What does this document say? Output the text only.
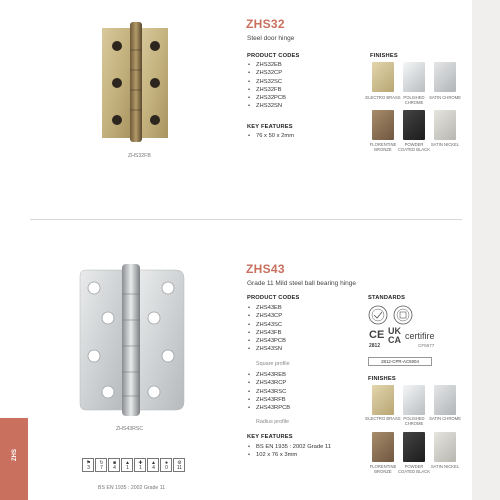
ZHS
ZHS32FB
ZHS32
Steel door hinge
PRODUCT CODES
• ZHS32EB
• ZHS32CP
• ZHS32SC
• ZHS32FB
• ZHS32PCB
• ZHS32SN
KEY FEATURES
• 76 x 50 x 2mm
FINISHES
ELECTRO BRASS POLISHED CHROME
SATIN CHROME
FLORENTINE BRONZE
POWDER COATED BLACK
SATIN NICKEL
ZHS43RSC
⚑
3
↻
7
■
4
▲
1
✚
1
▲
4
●
0
⚙
11
BS EN 1935 : 2002 Grade 11
ZHS43
Grade 11 Mild steel ball bearing hinge
PRODUCT CODES
• ZHS43EB
• ZHS43CP
• ZHS43SC
• ZHS43FB
• ZHS43PCB
• ZHS43SN
Square profile
• ZHS43REB
• ZHS43RCP
• ZHS43RSC
• ZHS43RFB
• ZHS43RPCB
Radius profile
KEY FEATURES
• BS EN 1935 : 2002 Grade 11
• 102 x 76 x 3mm
STANDARDS
CE
2812
UK
CA certifire
CF5677
2812-CPR-AC5004
FINISHES
ELECTRO BRASS POLISHED CHROME
SATIN CHROME
FLORENTINE BRONZE
POWDER COATED BLACK
SATIN NICKEL
